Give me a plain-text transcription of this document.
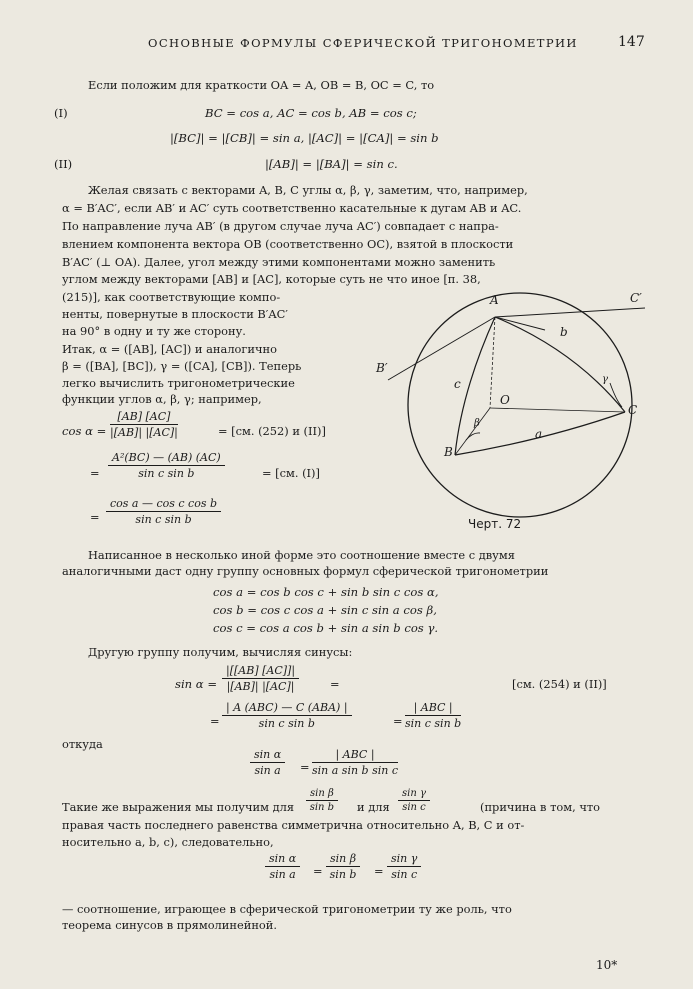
ОСНОВНЫЕ ФОРМУЛЫ СФЕРИЧЕСКОЙ ТРИГОНОМЕТРИИ	147
Если положим для краткости OA = A, OB = B, OC = C, то
(I)	BC = cos a, AC = cos b, AB = cos c;
|[BC]| = |[CB]| = sin a, |[AC]| = |[CA]| = sin b
(II)	|[AB]| = |[BA]| = sin c.
Желая связать с векторами A, B, C углы α, β, γ, заметим, что, например,
α = B′AC′, если AB′ и AC′ суть соответственно касательные к дугам AB и AC.
По направление луча AB′ (в другом случае луча AC′) совпадает с напра-
влением компонента вектора OB (соответственно OC), взятой в плоскости
B′AC′ (⊥ OA). Далее, угол между этими компонентами можно заменить
углом между векторами [AB] и [AC], которые суть не что иное [п. 38,
(215)], как соответствующие компо-
ненты, повернутые в плоскости B′AC′
на 90° в одну и ту же сторону.
Итак, α = ([AB], [AC]) и аналогично
β = ([BA], [BC]), γ = ([CA], [CB]). Теперь
легко вычислить тригонометрические
функции углов α, β, γ; например,
$\cos \alpha = \frac{[AB] [AC]}{|[AB]| |[AC]|}$	= [см. (252) и (II)]
= $\frac{\text{A²(BC) — (AB) (AC)}}{\text{sin c sin b}}$	= [см. (I)]
= $\frac{\text{cos a — cos c cos b}}{\text{sin c sin b}}$
A	C′
b
B′
c
C
O
a
B
β
γ
Черт. 72
Написанное в несколько иной форме это соотношение вместе с двумя
аналогичными даст одну группу основных формул сферической тригонометрии
cos a = cos b cos c + sin b sin c cos α,
cos b = cos c cos a + sin c sin a cos β,
cos c = cos a cos b + sin a sin b cos γ.
Другую группу получим, вычисляя синусы:
$\sin \alpha = \frac{|[[AB] [AC]]|}{|[AB]| |[AC]|}$	=	[см. (254) и (II)]
=
| A (ABC) — C (ABA) |
sin c sin b	=
| ABC |
sin c sin b
откуда
$\frac{\text{sin α}}{\text{sin a}}$ =
| ABC |
sin a sin b sin c
Такие же выражения мы получим для $\frac{\text{sin β}}{\text{sin b}}$ и для $\frac{\text{sin γ}}{\text{sin c}}$	(причина в том, что
правая часть последнего равенства симметрична относительно A, B, C и от-
носительно a, b, c), следовательно,
$\frac{\text{sin α}}{\text{sin a}} = \frac{\text{sin β}}{\text{sin b}} = \frac{\text{sin γ}}{\text{sin c}}$
— соотношение, играющее в сферической тригонометрии ту же роль, что
теорема синусов в прямолинейной.
10*
